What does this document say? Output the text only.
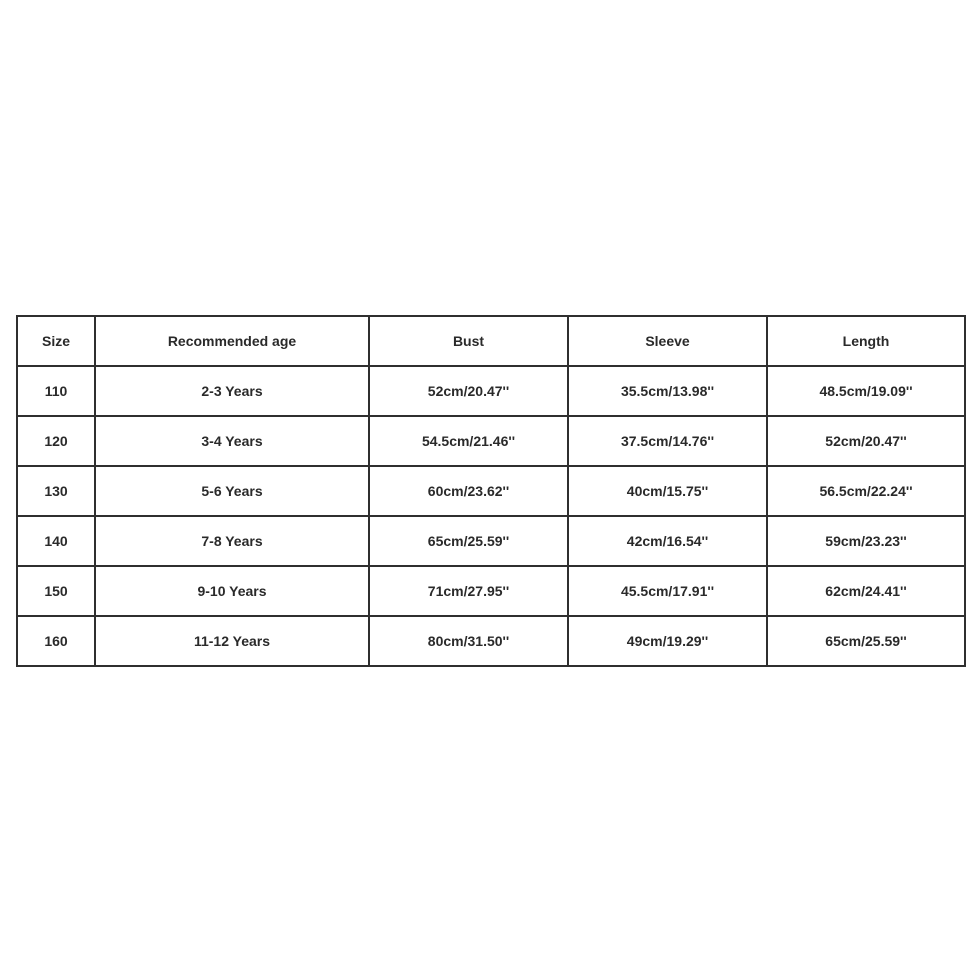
Size	Recommended age	Bust	Sleeve	Length
110	2-3 Years	52cm/20.47''	35.5cm/13.98''	48.5cm/19.09''
120	3-4 Years	54.5cm/21.46''	37.5cm/14.76''	52cm/20.47''
130	5-6 Years	60cm/23.62''	40cm/15.75''	56.5cm/22.24''
140	7-8 Years	65cm/25.59''	42cm/16.54''	59cm/23.23''
150	9-10 Years	71cm/27.95''	45.5cm/17.91''	62cm/24.41''
160	11-12 Years	80cm/31.50''	49cm/19.29''	65cm/25.59''
